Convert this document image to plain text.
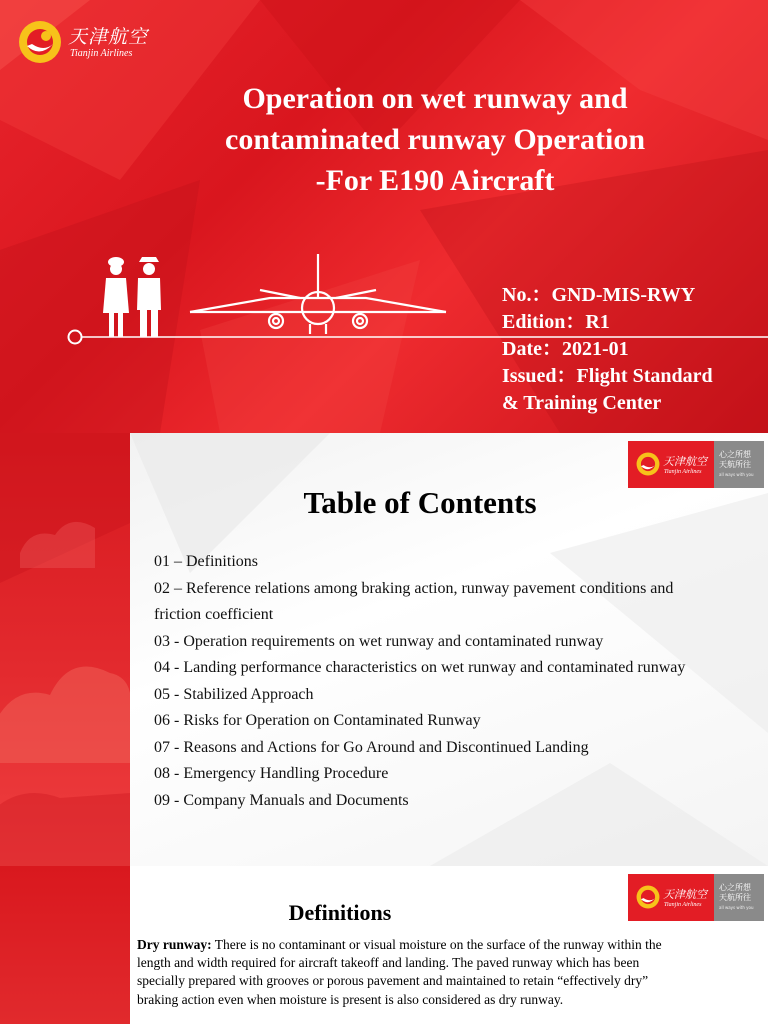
天津航空
Tianjin Airlines
Operation on wet runway and
contaminated runway Operation
-For E190 Aircraft
No.：GND-MIS-RWY
Edition：R1
Date：2021-01
Issued：Flight Standard
& Training Center
天津航空
Tianjin Airlines
心之所想
天航所往
all ways with you
Table of Contents
01 – Definitions
02 – Reference relations among braking action, runway pavement conditions and friction coefficient
03 - Operation requirements on wet runway and contaminated runway
04 - Landing performance characteristics on wet runway and contaminated runway
05 - Stabilized Approach
06 - Risks for Operation on Contaminated Runway
07 - Reasons and Actions for Go Around and Discontinued Landing
08 - Emergency Handling Procedure
09 - Company Manuals and Documents
天津航空
Tianjin Airlines
心之所想
天航所往
all ways with you
Definitions

Dry runway: There is no contaminant or visual moisture on the surface of the runway within the length and width required for aircraft takeoff and landing. The paved runway which has been specially prepared with grooves or porous pavement and maintained to retain “effectively dry” braking action even when moisture is present is also considered as dry runway.
